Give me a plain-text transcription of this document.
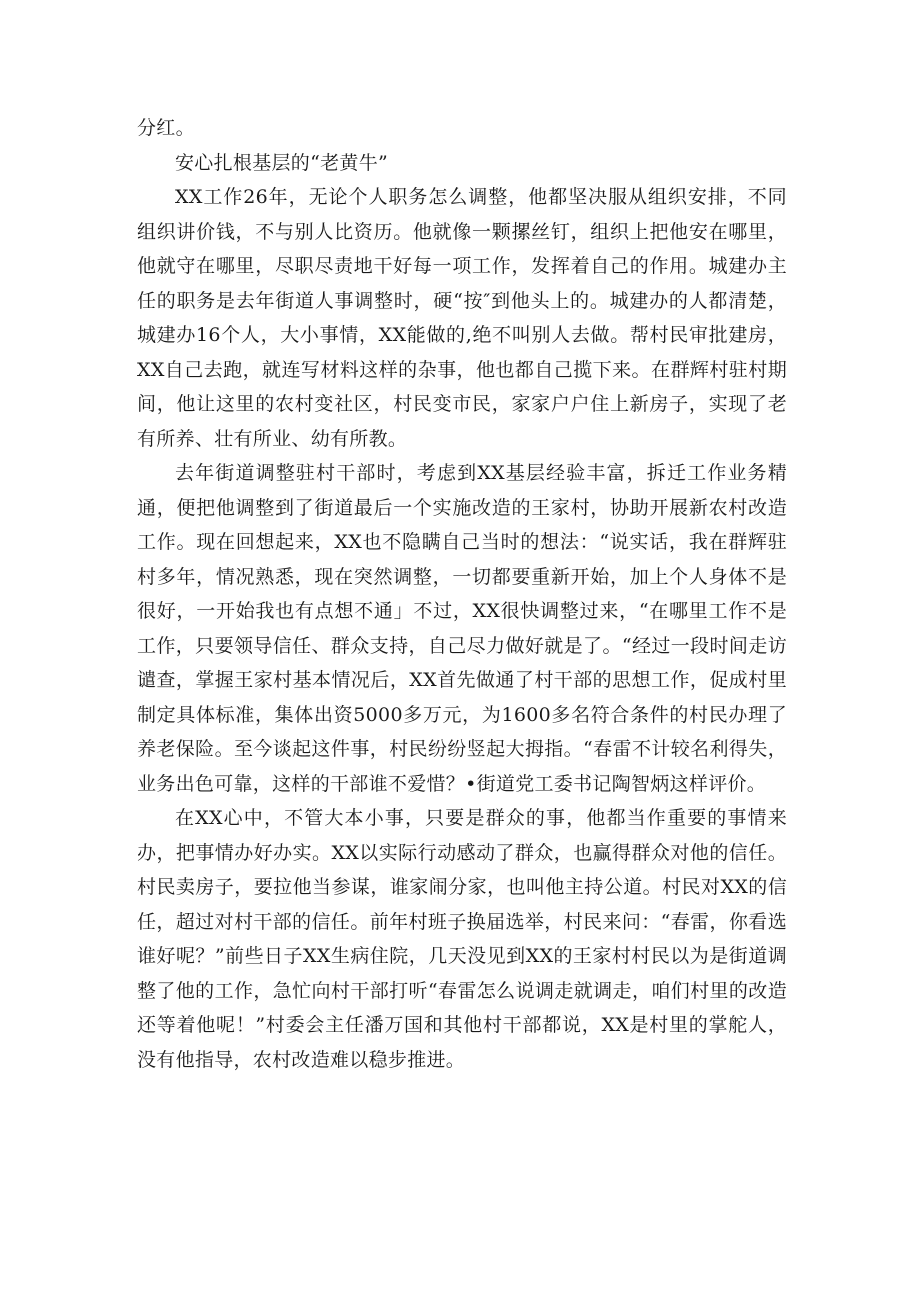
分红。

安心扎根基层的“老黄牛”

XX工作26年，无论个人职务怎么调整，他都坚决服从组织安排，不同组织讲价钱，不与别人比资历。他就像一颗摞丝钉，组织上把他安在哪里，他就守在哪里，尽职尽责地干好每一项工作，发挥着自己的作用。城建办主任的职务是去年街道人事调整时，硬“按″到他头上的。城建办的人都清楚，城建办16个人，大小事情，XX能做的,绝不叫别人去做。帮村民审批建房，XX自己去跑，就连写材料这样的杂事，他也都自己揽下来。在群辉村驻村期间，他让这里的农村变社区，村民变市民，家家户户住上新房子，实现了老有所养、壮有所业、幼有所教。

去年街道调整驻村干部时，考虑到XX基层经验丰富，拆迁工作业务精通，便把他调整到了街道最后一个实施改造的王家村，协助开展新农村改造工作。现在回想起来，XX也不隐瞒自己当时的想法：“说实话，我在群辉驻村多年，情况熟悉，现在突然调整，一切都要重新开始，加上个人身体不是很好，一开始我也有点想不通」不过，XX很快调整过来，“在哪里工作不是工作，只要领导信任、群众支持，自己尽力做好就是了。“经过一段时间走访谴查，掌握王家村基本情况后，XX首先做通了村干部的思想工作，促成村里制定具体标准，集体出资5000多万元，为1600多名符合条件的村民办理了养老保险。至今谈起这件事，村民纷纷竖起大拇指。“春雷不计较名利得失，业务出色可靠，这样的干部谁不爱惜？•街道党工委书记陶智炳这样评价。

在XX心中，不管大本小事，只要是群众的事，他都当作重要的事情来办，把事情办好办实。XX以实际行动感动了群众，也赢得群众对他的信任。村民卖房子，要拉他当参谋，谁家闹分家，也叫他主持公道。村民对XX的信任，超过对村干部的信任。前年村班子换届选举，村民来问：“春雷，你看选谁好呢？”前些日子XX生病住院，几天没见到XX的王家村村民以为是街道调整了他的工作，急忙向村干部打听“春雷怎么说调走就调走，咱们村里的改造还等着他呢！”村委会主任潘万国和其他村干部都说，XX是村里的掌舵人，没有他指导，农村改造难以稳步推进。
